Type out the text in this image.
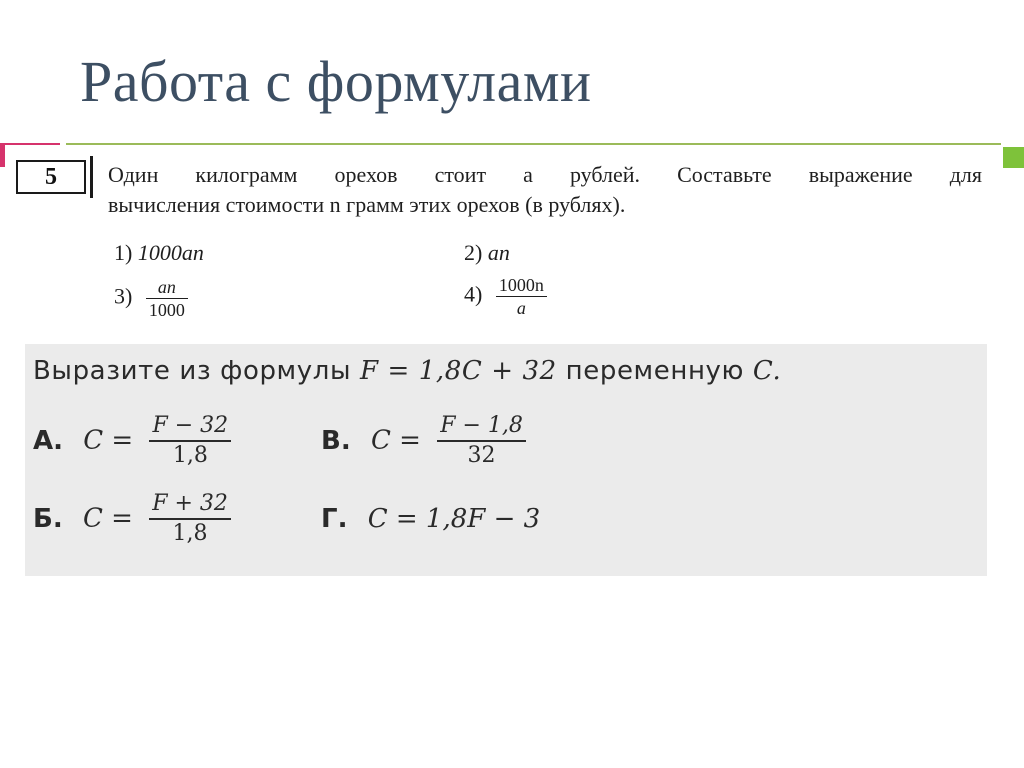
Работа с формулами
5	Один килограмм орехов стоит a рублей. Составьте выражение для
вычисления стоимости n грамм этих орехов (в рублях).
1) 1000an	2) an
$3) \frac{an}{1000}$	$4) \frac{1000n}{a}$
Выразите из формулы F = 1,8C + 32 переменную C.
А. $C = \frac{F - 32}{1,8}$	В. $C = \frac{F - 1,8}{32}$
Б. $C = \frac{F + 32}{1,8}$	Г. C = 1,8F − 3
